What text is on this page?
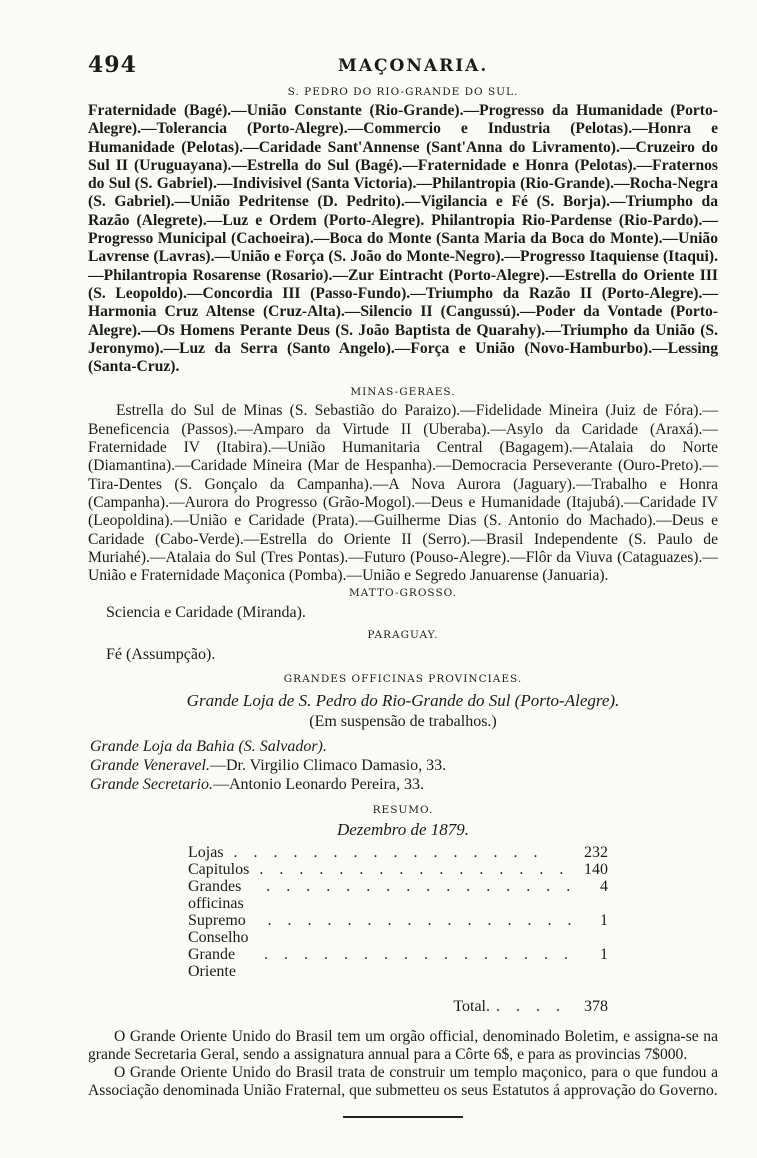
494	MAÇONARIA.
S. PEDRO DO RIO-GRANDE DO SUL.

Fraternidade (Bagé).—União Constante (Rio-Grande).—Progresso da Humanidade (Porto-Alegre).—Tolerancia (Porto-Alegre).—Commercio e Industria (Pelotas).—Honra e Humanidade (Pelotas).—Caridade Sant'Annense (Sant'Anna do Livramento).—Cruzeiro do Sul II (Uruguayana).—Estrella do Sul (Bagé).—Fraternidade e Honra (Pelotas).—Fraternos do Sul (S. Gabriel).—Indivisivel (Santa Victoria).—Philantropia (Rio-Grande).—Rocha-Negra (S. Gabriel).—União Pedritense (D. Pedrito).—Vigilancia e Fé (S. Borja).—Triumpho da Razão (Alegrete).—Luz e Ordem (Porto-Alegre). Philantropia Rio-Pardense (Rio-Pardo).—Progresso Municipal (Cachoeira).—Boca do Monte (Santa Maria da Boca do Monte).—União Lavrense (Lavras).—União e Força (S. João do Monte-Negro).—Progresso Itaquiense (Itaqui).—Philantropia Rosarense (Rosario).—Zur Eintracht (Porto-Alegre).—Estrella do Oriente III (S. Leopoldo).—Concordia III (Passo-Fundo).—Triumpho da Razão II (Porto-Alegre).—Harmonia Cruz Altense (Cruz-Alta).—Silencio II (Cangussú).—Poder da Vontade (Porto-Alegre).—Os Homens Perante Deus (S. João Baptista de Quarahy).—Triumpho da União (S. Jeronymo).—Luz da Serra (Santo Angelo).—Força e União (Novo-Hamburbo).—Lessing (Santa-Cruz).

MINAS-GERAES.

Estrella do Sul de Minas (S. Sebastião do Paraizo).—Fidelidade Mineira (Juiz de Fóra).—Beneficencia (Passos).—Amparo da Virtude II (Uberaba).—Asylo da Caridade (Araxá).—Fraternidade IV (Itabira).—União Humanitaria Central (Bagagem).—Atalaia do Norte (Diamantina).—Caridade Mineira (Mar de Hespanha).—Democracia Perseverante (Ouro-Preto).—Tira-Dentes (S. Gonçalo da Campanha).—A Nova Aurora (Jaguary).—Trabalho e Honra (Campanha).—Aurora do Progresso (Grão-Mogol).—Deus e Humanidade (Itajubá).—Caridade IV (Leopoldina).—União e Caridade (Prata).—Guilherme Dias (S. Antonio do Machado).—Deus e Caridade (Cabo-Verde).—Estrella do Oriente II (Serro).—Brasil Independente (S. Paulo de Muriahé).—Atalaia do Sul (Tres Pontas).—Futuro (Pouso-Alegre).—Flôr da Viuva (Cataguazes).—União e Fraternidade Maçonica (Pomba).—União e Segredo Januarense (Januaria).

MATTO-GROSSO.

Sciencia e Caridade (Miranda).

PARAGUAY.

Fé (Assumpção).

GRANDES OFFICINAS PROVINCIAES.

Grande Loja de S. Pedro do Rio-Grande do Sul (Porto-Alegre).

(Em suspensão de trabalhos.)

Grande Loja da Bahia (S. Salvador).

Grande Veneravel.—Dr. Virgilio Climaco Damasio, 33.

Grande Secretario.—Antonio Leonardo Pereira, 33.

RESUMO.

Dezembro de 1879.

Lojas . . . . . . . . . . . . . . . .	232
Capitulos . . . . . . . . . . . . . . . . 140
Grandes officinas
. . . . . . . . . . . . . . . .	4
Supremo Conselho
. . . . . . . . . . . . . . . .	1
Grande Oriente
. . . . . . . . . . . . . . . .	1
Total. . . . . 378

O Grande Oriente Unido do Brasil tem um orgão official, denominado Boletim, e assigna-se na grande Secretaria Geral, sendo a assignatura annual para a Côrte 6$, e para as provincias 7$000.

O Grande Oriente Unido do Brasil trata de construir um templo maçonico, para o que fundou a Associação denominada União Fraternal, que submetteu os seus Estatutos á approvação do Governo.
